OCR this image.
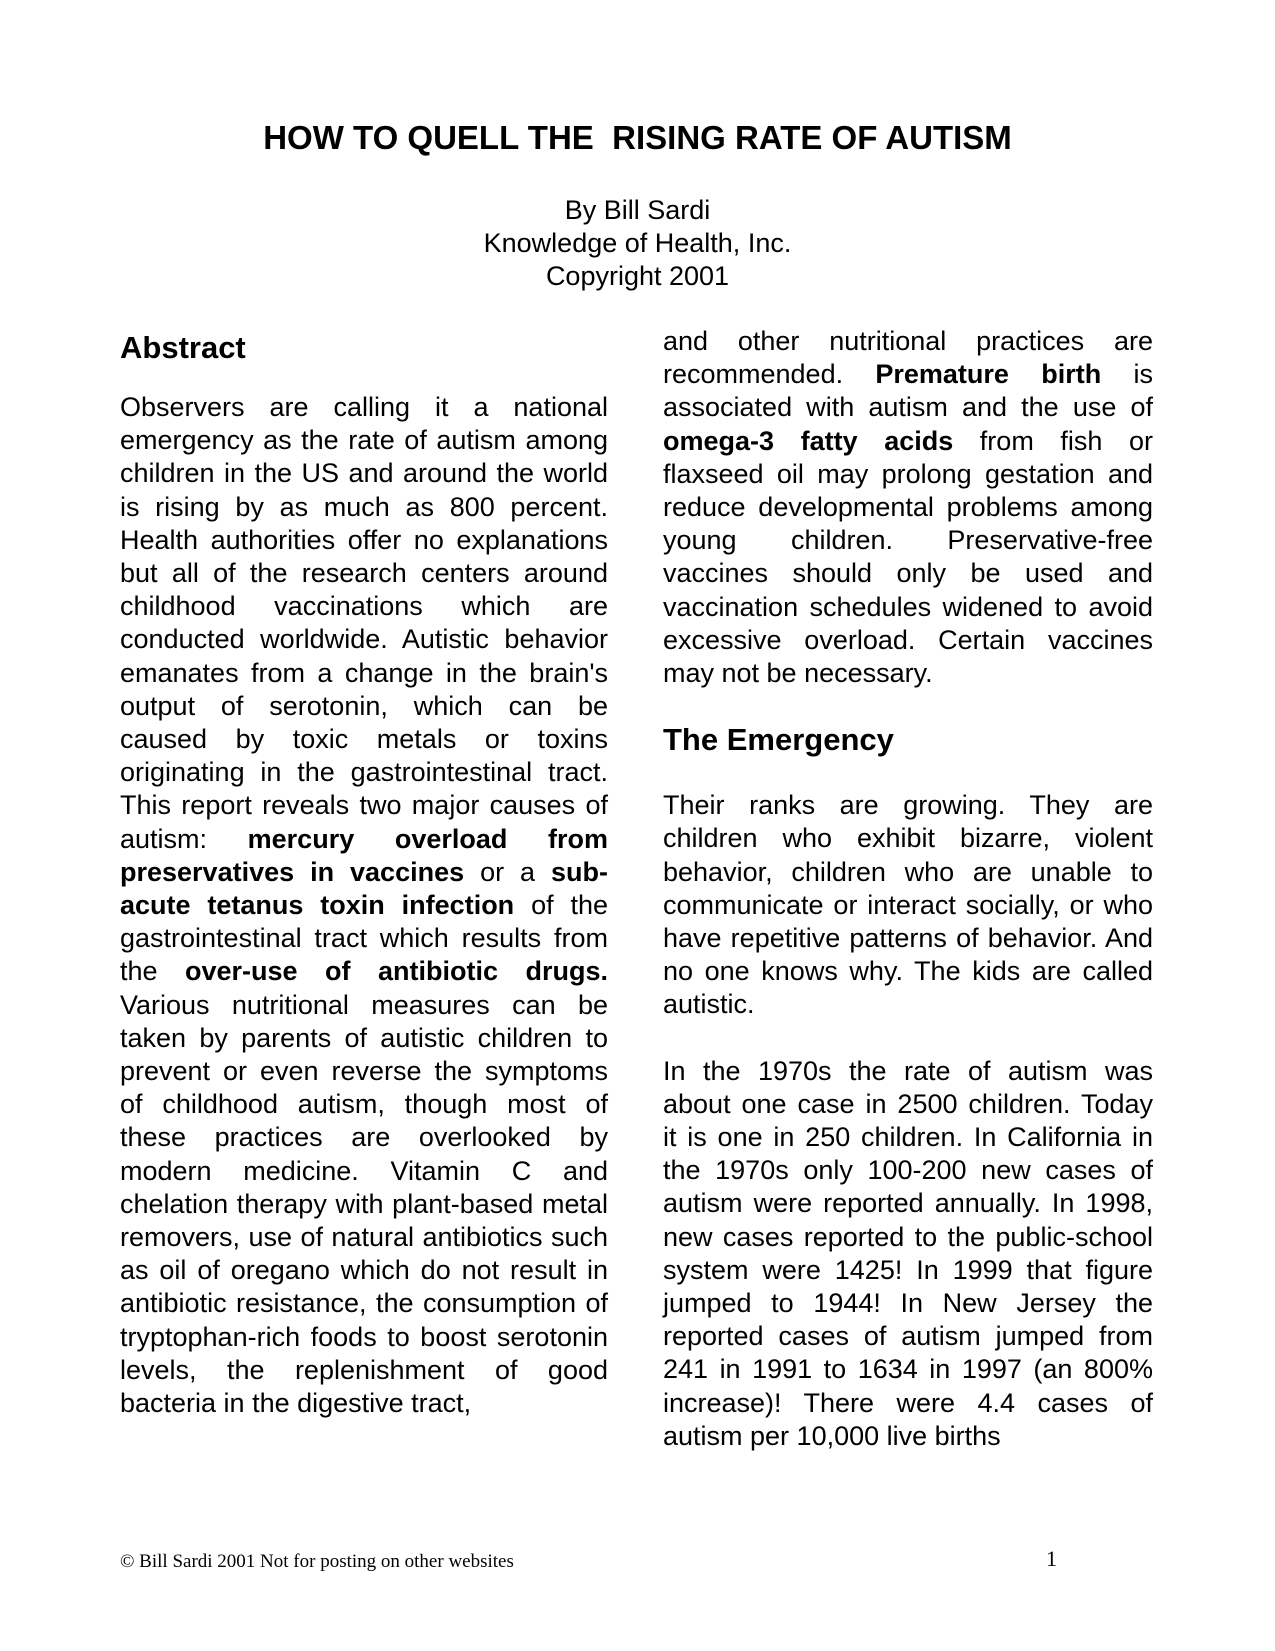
HOW TO QUELL THE  RISING RATE OF AUTISM
By Bill Sardi
Knowledge of Health, Inc.
Copyright 2001
Abstract

Observers are calling it a national emergency as the rate of autism among children in the US and around the world is rising by as much as 800 percent. Health authorities offer no explanations but all of the research centers around childhood vaccinations which are conducted worldwide. Autistic behavior emanates from a change in the brain's output of serotonin, which can be caused by toxic metals or toxins originating in the gastrointestinal tract. This report reveals two major causes of autism: mercury overload from preservatives in vaccines or a sub-acute tetanus toxin infection of the gastrointestinal tract which results from the over-use of antibiotic drugs. Various nutritional measures can be taken by parents of autistic children to prevent or even reverse the symptoms of childhood autism, though most of these practices are overlooked by modern medicine. Vitamin C and chelation therapy with plant-based metal removers, use of natural antibiotics such as oil of oregano which do not result in antibiotic resistance, the consumption of tryptophan-rich foods to boost serotonin levels, the replenishment of good bacteria in the digestive tract,

and other nutritional practices are recommended. Premature birth is associated with autism and the use of omega-3 fatty acids from fish or flaxseed oil may prolong gestation and reduce developmental problems among young children. Preservative-free vaccines should only be used and vaccination schedules widened to avoid excessive overload. Certain vaccines may not be necessary.

The Emergency

Their ranks are growing. They are children who exhibit bizarre, violent behavior, children who are unable to communicate or interact socially, or who have repetitive patterns of behavior. And no one knows why. The kids are called autistic.

In the 1970s the rate of autism was about one case in 2500 children. Today it is one in 250 children. In California in the 1970s only 100-200 new cases of autism were reported annually. In 1998, new cases reported to the public-school system were 1425! In 1999 that figure jumped to 1944! In New Jersey the reported cases of autism jumped from 241 in 1991 to 1634 in 1997 (an 800% increase)! There were 4.4 cases of autism per 10,000 live births

© Bill Sardi 2001 Not for posting on other websites	1
